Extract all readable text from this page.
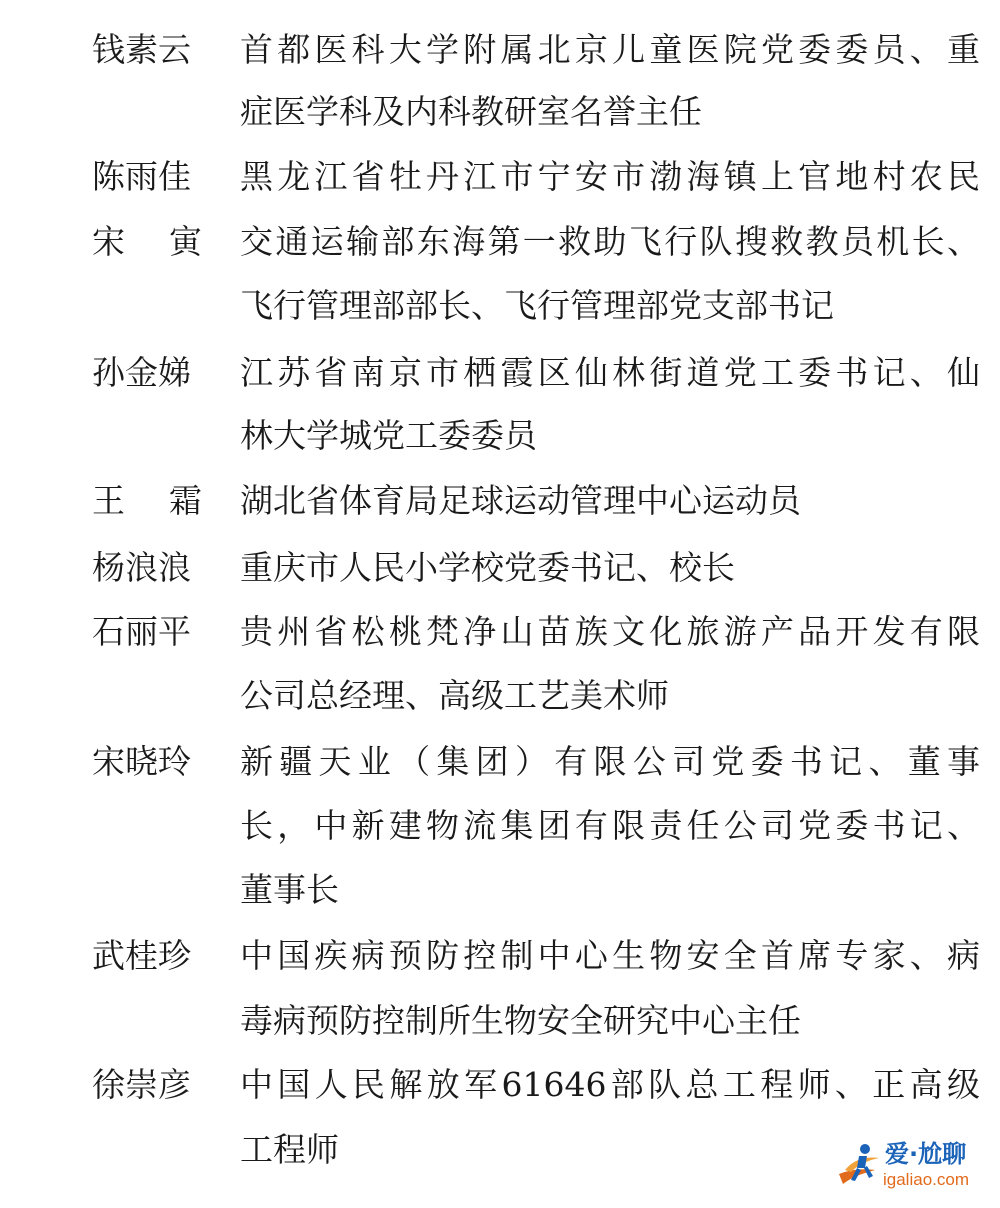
钱素云 首都医科大学附属北京儿童医院党委委员、重
症医学科及内科教研室名誉主任
陈雨佳 黑龙江省牡丹江市宁安市渤海镇上官地村农民
宋 寅 交通运输部东海第一救助飞行队搜救教员机长、
飞行管理部部长、飞行管理部党支部书记
孙金娣 江苏省南京市栖霞区仙林街道党工委书记、仙
林大学城党工委委员
王 霜 湖北省体育局足球运动管理中心运动员
杨浪浪 重庆市人民小学校党委书记、校长
石丽平 贵州省松桃梵净山苗族文化旅游产品开发有限
公司总经理、高级工艺美术师
宋晓玲 新疆天业（集团）有限公司党委书记、董事
长，中新建物流集团有限责任公司党委书记、
董事长
武桂珍 中国疾病预防控制中心生物安全首席专家、病
毒病预防控制所生物安全研究中心主任
徐崇彦 中国人民解放军61646部队总工程师、正高级
工程师	爱·尬聊
igaliao.com
